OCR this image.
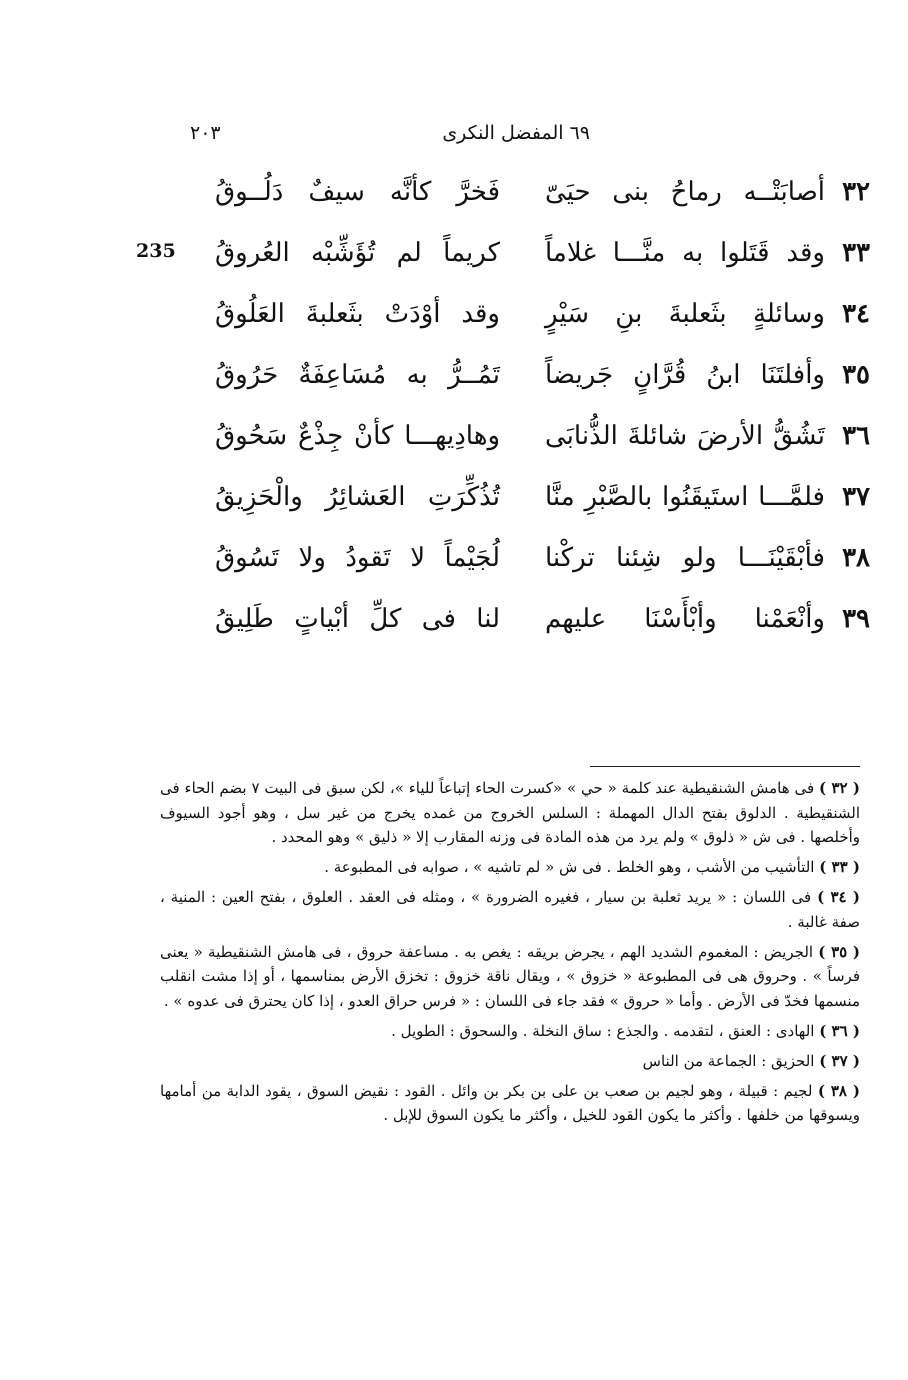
٦٩ المفضل النكرى
٢٠٣
235
٣٢
أصابَتْــه رماحُ بنى حيَىّ
فَخرَّ كأنَّه سيفٌ دَلُــوقُ
٣٣
وقد قَتَلوا به منَّـــا غلاماً
كريماً لم تُؤَشِّبْه العُروقُ
٣٤
وسائلةٍ بثَعلبةَ بنِ سَيْرٍ
وقد أوْدَتْ بثَعلبةَ العَلُوقُ
٣٥
وأفلتَنَا ابنُ قُرَّانٍ جَريضاً
تَمُــرُّ به مُسَاعِفَةٌ حَرُوقُ
٣٦
تَشُقُّ الأرضَ شائلةَ الذُّنابَى
وهادِيهـــا كأنْ جِذْعٌ سَحُوقُ
٣٧
فلمَّـــا استَيقَنُوا بالصَّبْرِ منَّا
تُذُكِّرَتِ العَشائِرُ والْحَزِيقُ
٣٨
فأبْقَيْنَـــا ولو شِئنا تركْنا
لُجَيْماً لا تَقودُ ولا تَسُوقُ
٣٩
وأنْعَمْنا وأبْأَسْنَا عليهم
لنا فى كلِّ أبْياتٍ طَلِيقُ

( ٣٢ ) فى هامش الشنقيطية عند كلمة « حي » «كسرت الحاء إتباعاً للياء »، لكن سبق فى البيت ٧ بضم الحاء فى الشنقيطية . الدلوق بفتح الدال المهملة : السلس الخروج من غمده يخرج من غير سل ، وهو أجود السيوف وأخلصها . فى ش « ذلوق » ولم يرد من هذه المادة فى وزنه المقارب إلا « ذليق » وهو المحدد .

( ٣٣ ) التأشيب من الأشب ، وهو الخلط . فى ش « لم تاشيه » ، صوابه فى المطبوعة .

( ٣٤ ) فى اللسان : « يريد ثعلبة بن سيار ، فغيره الضرورة » ، ومثله فى العقد . العلوق ، بفتح العين : المنية ، صفة غالبة .

( ٣٥ ) الجريض : المغموم الشديد الهم ، يجرض بريقه : يغص به . مساعفة حروق ، فى هامش الشنقيطية « يعنى فرساً » . وحروق هى فى المطبوعة « خزوق » ، ويقال ناقة خزوق : تخزق الأرض بمناسمها ، أو إذا مشت انقلب منسمها فخدّ فى الأرض . وأما « حروق » فقد جاء فى اللسان : « فرس حراق العدو ، إذا كان يحترق فى عدوه » .

( ٣٦ ) الهادى : العنق ، لتقدمه . والجذع : ساق النخلة . والسحوق : الطويل .

( ٣٧ ) الحزيق : الجماعة من الناس

( ٣٨ ) لجيم : قبيلة ، وهو لجيم بن صعب بن على بن بكر بن وائل . القود : نقيض السوق ، يقود الدابة من أمامها ويسوقها من خلفها . وأكثر ما يكون القود للخيل ، وأكثر ما يكون السوق للإبل .
